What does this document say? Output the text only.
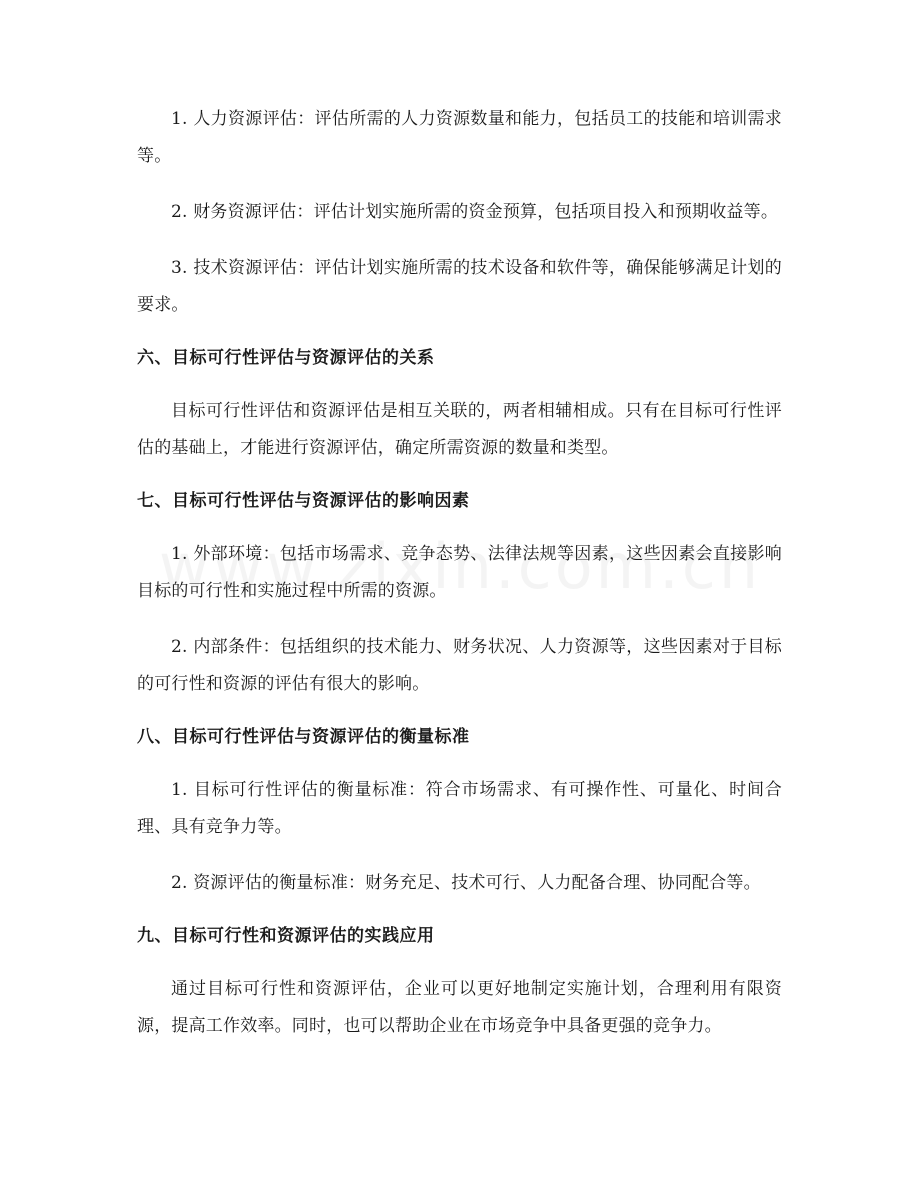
1. 人力资源评估：评估所需的人力资源数量和能力，包括员工的技能和培训需求等。

2. 财务资源评估：评估计划实施所需的资金预算，包括项目投入和预期收益等。

3. 技术资源评估：评估计划实施所需的技术设备和软件等，确保能够满足计划的要求。

六、目标可行性评估与资源评估的关系

目标可行性评估和资源评估是相互关联的，两者相辅相成。只有在目标可行性评估的基础上，才能进行资源评估，确定所需资源的数量和类型。

七、目标可行性评估与资源评估的影响因素

1. 外部环境：包括市场需求、竞争态势、法律法规等因素，这些因素会直接影响目标的可行性和实施过程中所需的资源。

2. 内部条件：包括组织的技术能力、财务状况、人力资源等，这些因素对于目标的可行性和资源的评估有很大的影响。

八、目标可行性评估与资源评估的衡量标准

1. 目标可行性评估的衡量标准：符合市场需求、有可操作性、可量化、时间合理、具有竞争力等。

2. 资源评估的衡量标准：财务充足、技术可行、人力配备合理、协同配合等。

九、目标可行性和资源评估的实践应用

通过目标可行性和资源评估，企业可以更好地制定实施计划，合理利用有限资源，提高工作效率。同时，也可以帮助企业在市场竞争中具备更强的竞争力。
